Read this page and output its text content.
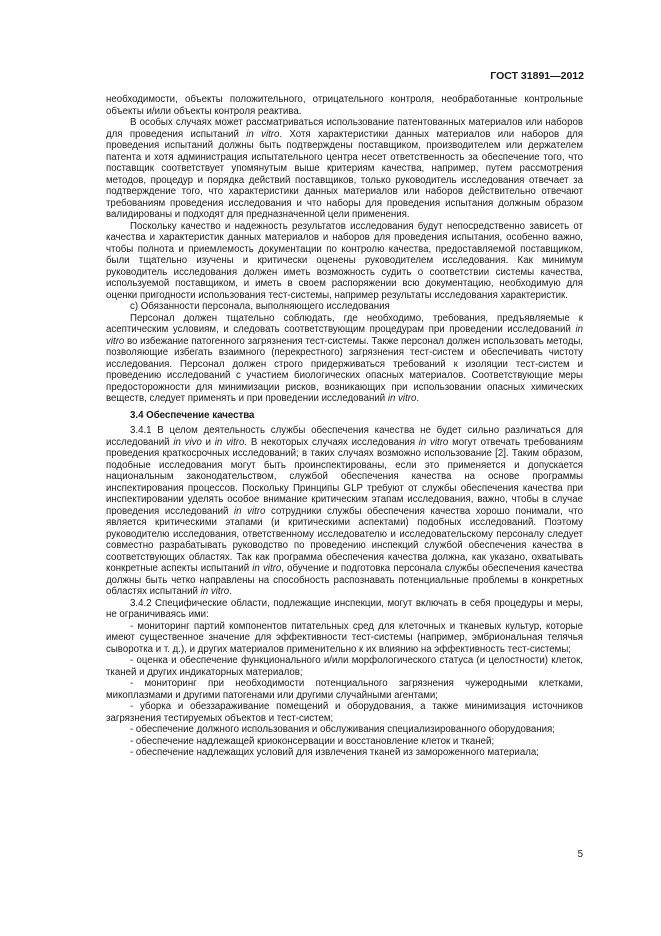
ГОСТ 31891—2012

необходимости, объекты положительного, отрицательного контроля, необработанные контрольные объекты и/или объекты контроля реактива.

В особых случаях может рассматриваться использование патентованных материалов или наборов для проведения испытаний in vitro. Хотя характеристики данных материалов или наборов для проведения испытаний должны быть подтверждены поставщиком, производителем или держателем патента и хотя администрация испытательного центра несет ответственность за обеспечение того, что поставщик соответствует упомянутым выше критериям качества, например, путем рассмотрения методов, процедур и порядка действий поставщиков, только руководитель исследования отвечает за подтверждение того, что характеристики данных материалов или наборов действительно отвечают требованиям проведения исследования и что наборы для проведения испытания должным образом валидированы и подходят для предназначенной цели применения.

Поскольку качество и надежность результатов исследования будут непосредственно зависеть от качества и характеристик данных материалов и наборов для проведения испытания, особенно важно, чтобы полнота и приемлемость документации по контролю качества, предоставляемой поставщиком, были тщательно изучены и критически оценены руководителем исследования. Как минимум руководитель исследования должен иметь возможность судить о соответствии системы качества, используемой поставщиком, и иметь в своем распоряжении всю документацию, необходимую для оценки пригодности использования тест-системы, например результаты исследования характеристик.

с) Обязанности персонала, выполняющего исследования

Персонал должен тщательно соблюдать, где необходимо, требования, предъявляемые к асептическим условиям, и следовать соответствующим процедурам при проведении исследований in vitro во избежание патогенного загрязнения тест-системы. Также персонал должен использовать методы, позволяющие избегать взаимного (перекрестного) загрязнения тест-систем и обеспечивать чистоту исследования. Персонал должен строго придерживаться требований к изоляции тест-систем и проведению исследований с участием биологических опасных материалов. Соответствующие меры предосторожности для минимизации рисков, возникающих при использовании опасных химических веществ, следует применять и при проведении исследований in vitro.

3.4 Обеспечение качества

3.4.1 В целом деятельность службы обеспечения качества не будет сильно различаться для исследований in vivo и in vitro. В некоторых случаях исследования in vitro могут отвечать требованиям проведения краткосрочных исследований; в таких случаях возможно использование [2]. Таким образом, подобные исследования могут быть проинспектированы, если это применяется и допускается национальным законодательством, службой обеспечения качества на основе программы инспектирования процессов. Поскольку Принципы GLP требуют от службы обеспечения качества при инспектировании уделять особое внимание критическим этапам исследования, важно, чтобы в случае проведения исследований in vitro сотрудники службы обеспечения качества хорошо понимали, что является критическими этапами (и критическими аспектами) подобных исследований. Поэтому руководителю исследования, ответственному исследователю и исследовательскому персоналу следует совместно разрабатывать руководство по проведению инспекций службой обеспечения качества в соответствующих областях. Так как программа обеспечения качества должна, как указано, охватывать конкретные аспекты испытаний in vitro, обучение и подготовка персонала службы обеспечения качества должны быть четко направлены на способность распознавать потенциальные проблемы в конкретных областях испытаний in vitro.

3.4.2 Специфические области, подлежащие инспекции, могут включать в себя процедуры и меры, не ограничиваясь ими:

- мониторинг партий компонентов питательных сред для клеточных и тканевых культур, которые имеют существенное значение для эффективности тест-системы (например, эмбриональная телячья сыворотка и т. д.), и других материалов применительно к их влиянию на эффективность тест-системы;
- оценка и обеспечение функционального и/или морфологического статуса (и целостности) клеток, тканей и других индикаторных материалов;
- мониторинг при необходимости потенциального загрязнения чужеродными клетками, микоплазмами и другими патогенами или другими случайными агентами;
- уборка и обеззараживание помещений и оборудования, а также минимизация источников загрязнения тестируемых объектов и тест-систем;
- обеспечение должного использования и обслуживания специализированного оборудования;
- обеспечение надлежащей криоконсервации и восстановление клеток и тканей;
- обеспечение надлежащих условий для извлечения тканей из замороженного материала;
5
